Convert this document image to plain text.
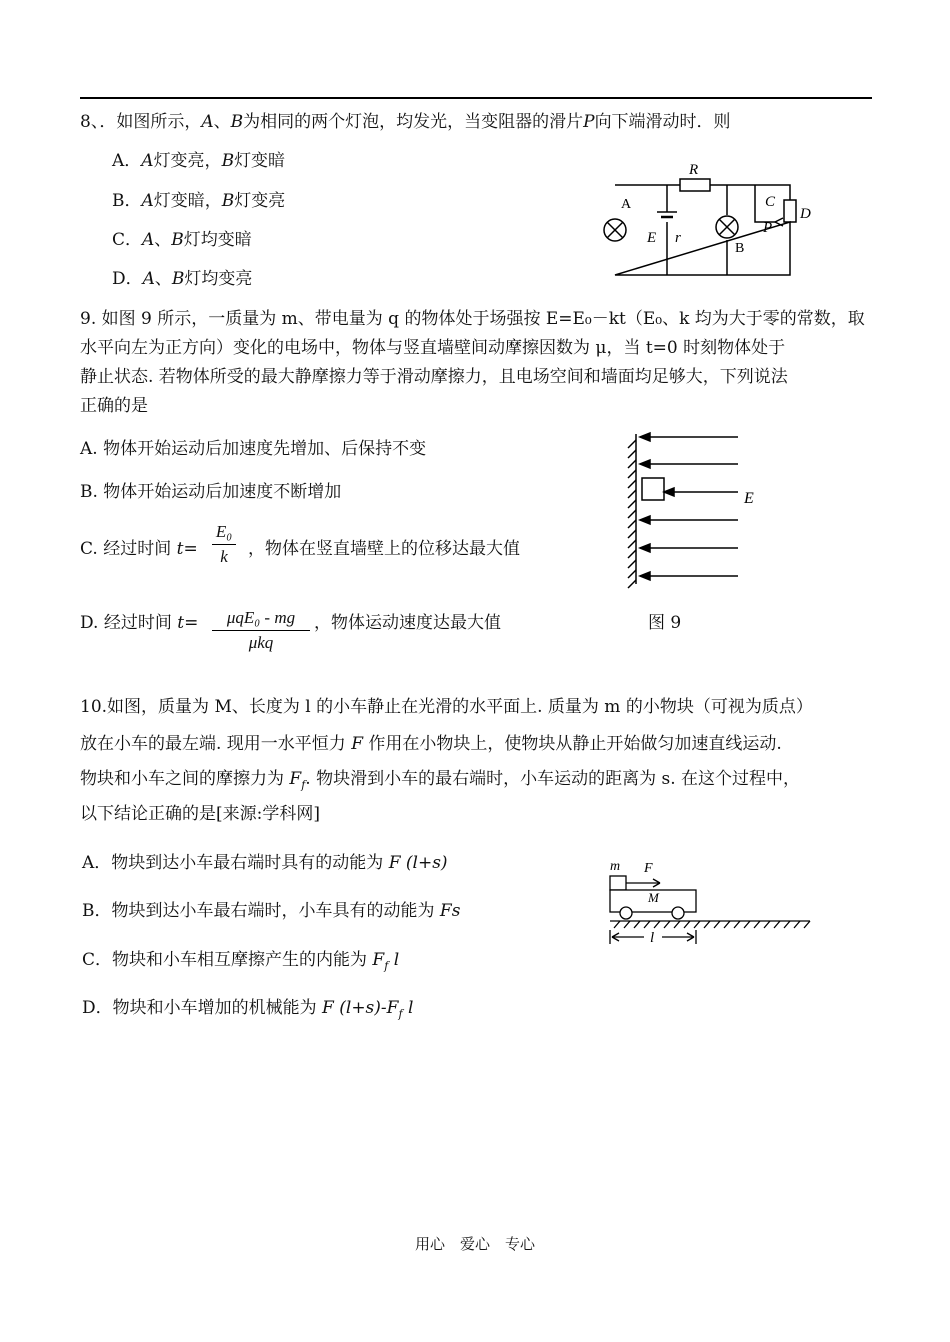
8、．如图所示，A、B为相同的两个灯泡，均发光，当变阻器的滑片P向下端滑动时．则
A．A灯变亮，B灯变暗
B．A灯变暗，B灯变亮
C．A、B灯均变暗
D．A、B灯均变亮
R
A
E r
B
C
P
D
9. 如图 9 所示，一质量为 m、带电量为 q 的物体处于场强按 E=E₀－kt（E₀、k 均为大于零的常数，取
水平向左为正方向）变化的电场中，物体与竖直墙壁间动摩擦因数为 μ，当 t=0 时刻物体处于
静止状态. 若物体所受的最大静摩擦力等于滑动摩擦力，且电场空间和墙面均足够大，下列说法
正确的是
A. 物体开始运动后加速度先增加、后保持不变
B. 物体开始运动后加速度不断增加
C. 经过时间 t=
E₀
k	，物体在竖直墙壁上的位移达最大值
D. 经过时间 t=	μqE₀ - mg
μkq
，物体运动速度达最大值
E
图 9
10.如图，质量为 M、长度为 l 的小车静止在光滑的水平面上. 质量为 m 的小物块（可视为质点）
放在小车的最左端. 现用一水平恒力 F 作用在小物块上，使物块从静止开始做匀加速直线运动.
物块和小车之间的摩擦力为 $F_f$. 物块滑到小车的最右端时，小车运动的距离为 s. 在这个过程中，
以下结论正确的是[来源:学科网]
A．物块到达小车最右端时具有的动能为 F (l+s)
B．物块到达小车最右端时，小车具有的动能为 Fs
C．物块和小车相互摩擦产生的内能为 $F_f$ l
D．物块和小车增加的机械能为 F $(l+s)-F_f$ l
m F
M
l
用心　爱心　专心
